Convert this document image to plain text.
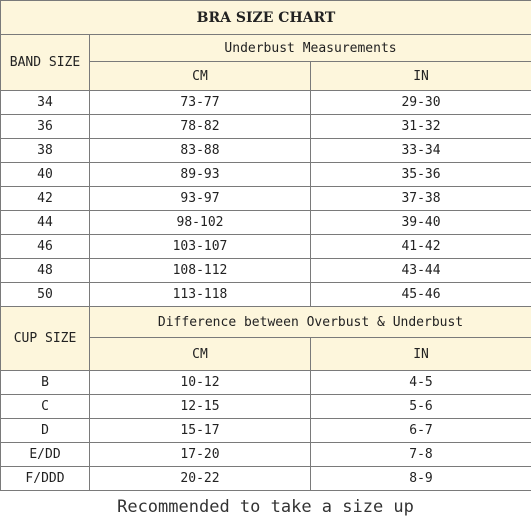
BRA SIZE CHART		
BAND SIZE	Underbust Measurements	
	CM	IN
34	73-77	29-30
36	78-82	31-32
38	83-88	33-34
40	89-93	35-36
42	93-97	37-38
44	98-102	39-40
46	103-107	41-42
48	108-112	43-44
50	113-118	45-46
CUP SIZE	Difference between Overbust & Underbust	
	CM	IN
B	10-12	4-5
C	12-15	5-6
D	15-17	6-7
E/DD	17-20	7-8
F/DDD	20-22	8-9
Recommended to take a size up
